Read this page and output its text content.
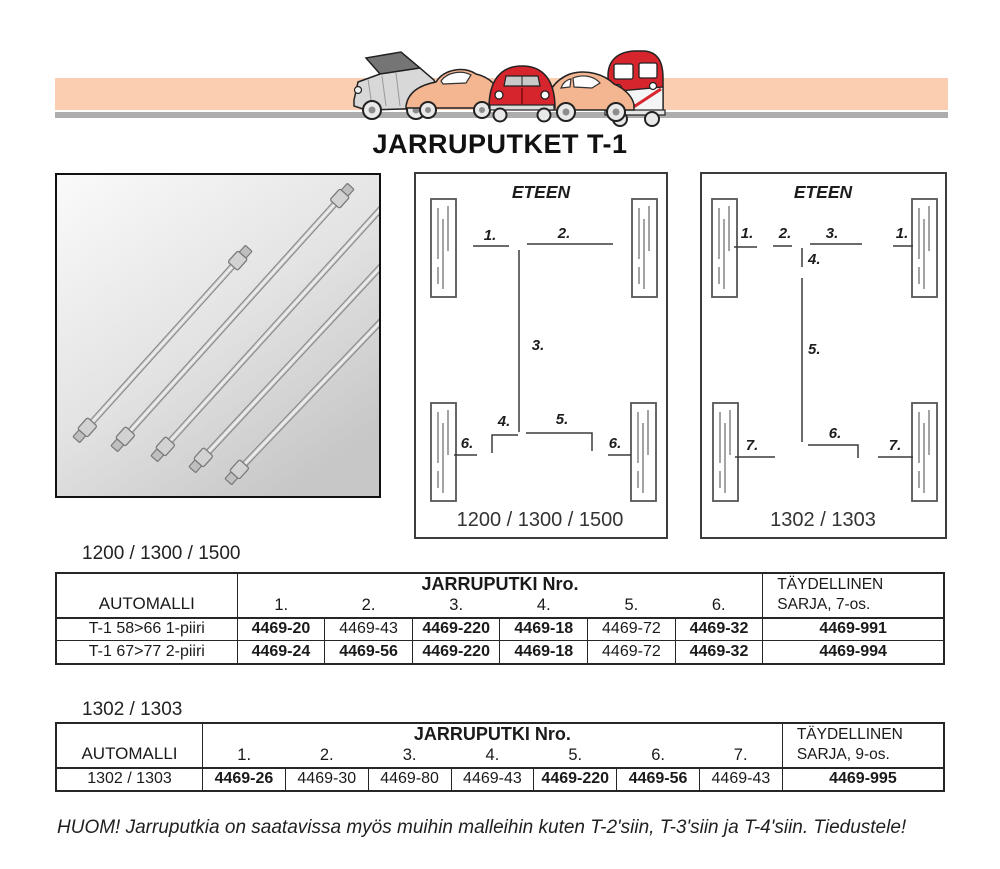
JARRUPUTKET T-1
ETEEN
1.	2.
3.
4.	5.
6.	6.
1200 / 1300 / 1500
ETEEN
1. 2. 3.	1.
4.
5.
6.
7.	7.
1302 / 1303
1200 / 1300 / 1500
AUTOMALLI	JARRUPUTKI Nro.						TÄYDELLINEN
SARJA, 7-os.

	1.	2.	3.	4.	5.	6.	
T-1 58>66 1-piiri	4469-20	4469-43	4469-220	4469-18	4469-72	4469-32	4469-991
T-1 67>77 2-piiri	4469-24	4469-56	4469-220	4469-18	4469-72	4469-32	4469-994
1302 / 1303
AUTOMALLI	JARRUPUTKI Nro.							TÄYDELLINEN
SARJA, 9-os.

	1.	2.	3.	4.	5.	6.	7.	
1302 / 1303	4469-26	4469-30	4469-80	4469-43	4469-220	4469-56	4469-43	4469-995
HUOM! Jarruputkia on saatavissa myös muihin malleihin kuten T-2'siin, T-3'siin ja T-4'siin. Tiedustele!
